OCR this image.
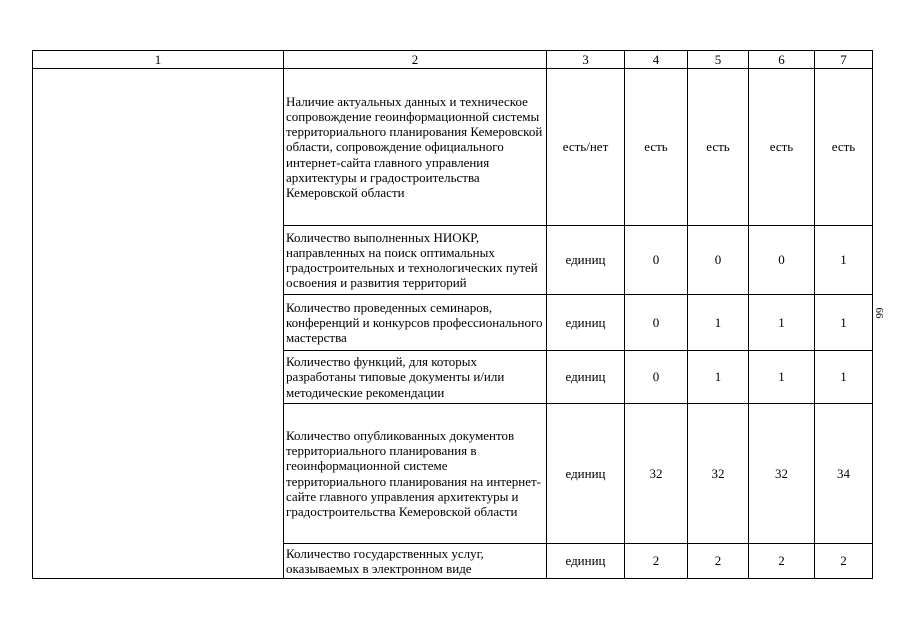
1	2	3	4	5	6	7
	Наличие актуальных данных и техническое сопровождение геоинформационной системы территориального планирования Кемеровской области, сопровождение официального интернет-сайта главного управления архитектуры и градостроительства Кемеровской области	есть/нет	есть	есть	есть	есть
	Количество выполненных НИОКР, направленных на поиск оптимальных градостроительных и технологических путей освоения и развития территорий	единиц	0	0	0	1
	Количество проведенных семинаров, конференций и конкурсов профессионального мастерства	единиц	0	1	1	1
	Количество функций, для которых разработаны типовые документы и/или методические рекомендации	единиц	0	1	1	1
	Количество опубликованных документов территориального планирования в геоинформационной системе территориального планирования на интернет-сайте главного управления архитектуры и градостроительства Кемеровской области	единиц	32	32	32	34
	Количество государственных услуг, оказываемых в электронном виде	единиц	2	2	2	2
66
